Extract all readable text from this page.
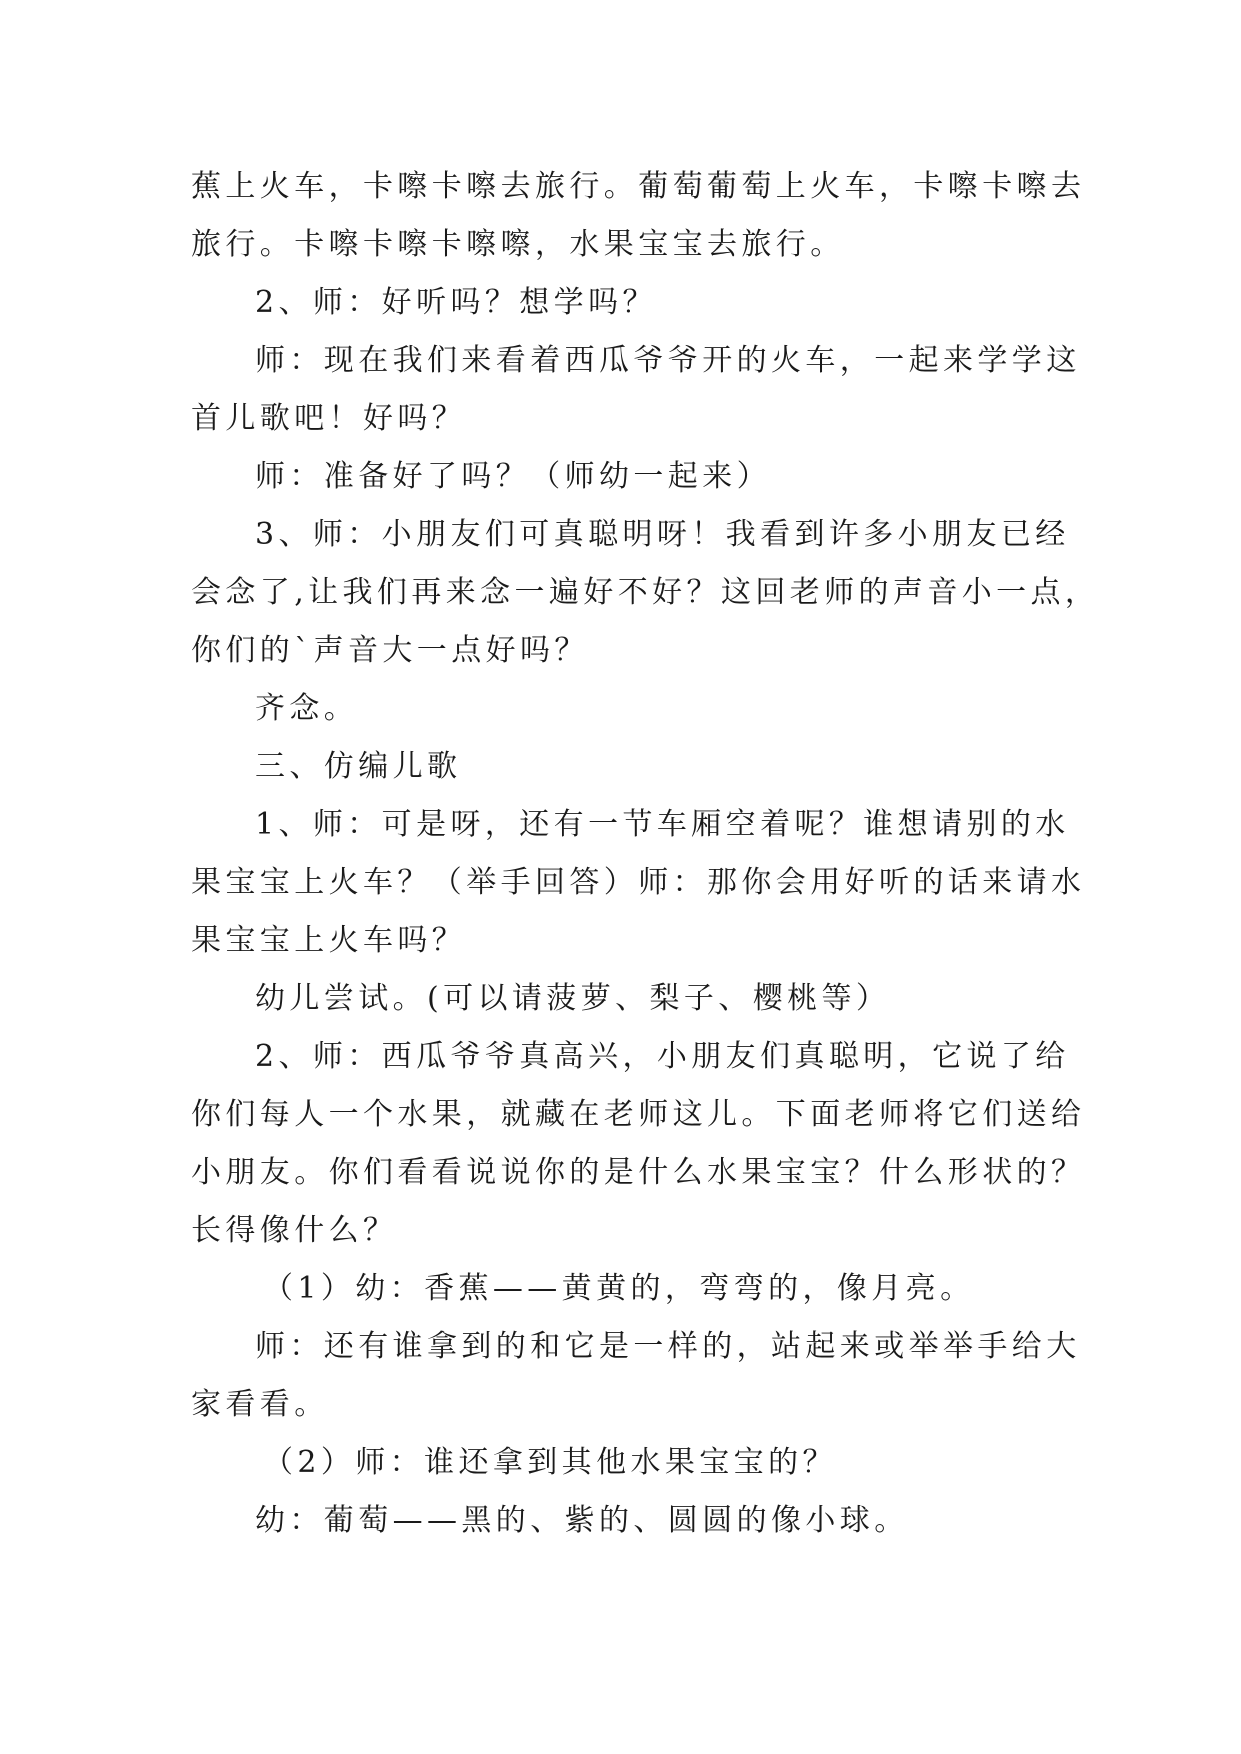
蕉上火车，卡嚓卡嚓去旅行。葡萄葡萄上火车，卡嚓卡嚓去
旅行。卡嚓卡嚓卡嚓嚓，水果宝宝去旅行。
2、师：好听吗？想学吗？
师：现在我们来看着西瓜爷爷开的火车，一起来学学这
首儿歌吧！好吗？
师：准备好了吗？（师幼一起来）
3、师：小朋友们可真聪明呀！我看到许多小朋友已经
会念了,让我们再来念一遍好不好？这回老师的声音小一点，
你们的`声音大一点好吗？
齐念。
三、仿编儿歌
1、师：可是呀，还有一节车厢空着呢？谁想请别的水
果宝宝上火车？（举手回答）师：那你会用好听的话来请水
果宝宝上火车吗？
幼儿尝试。(可以请菠萝、梨子、樱桃等）
2、师：西瓜爷爷真高兴，小朋友们真聪明，它说了给
你们每人一个水果，就藏在老师这儿。下面老师将它们送给
小朋友。你们看看说说你的是什么水果宝宝？什么形状的？
长得像什么？
（1）幼：香蕉——黄黄的，弯弯的，像月亮。
师：还有谁拿到的和它是一样的，站起来或举举手给大
家看看。
（2）师：谁还拿到其他水果宝宝的？
幼：葡萄——黑的、紫的、圆圆的像小球。
